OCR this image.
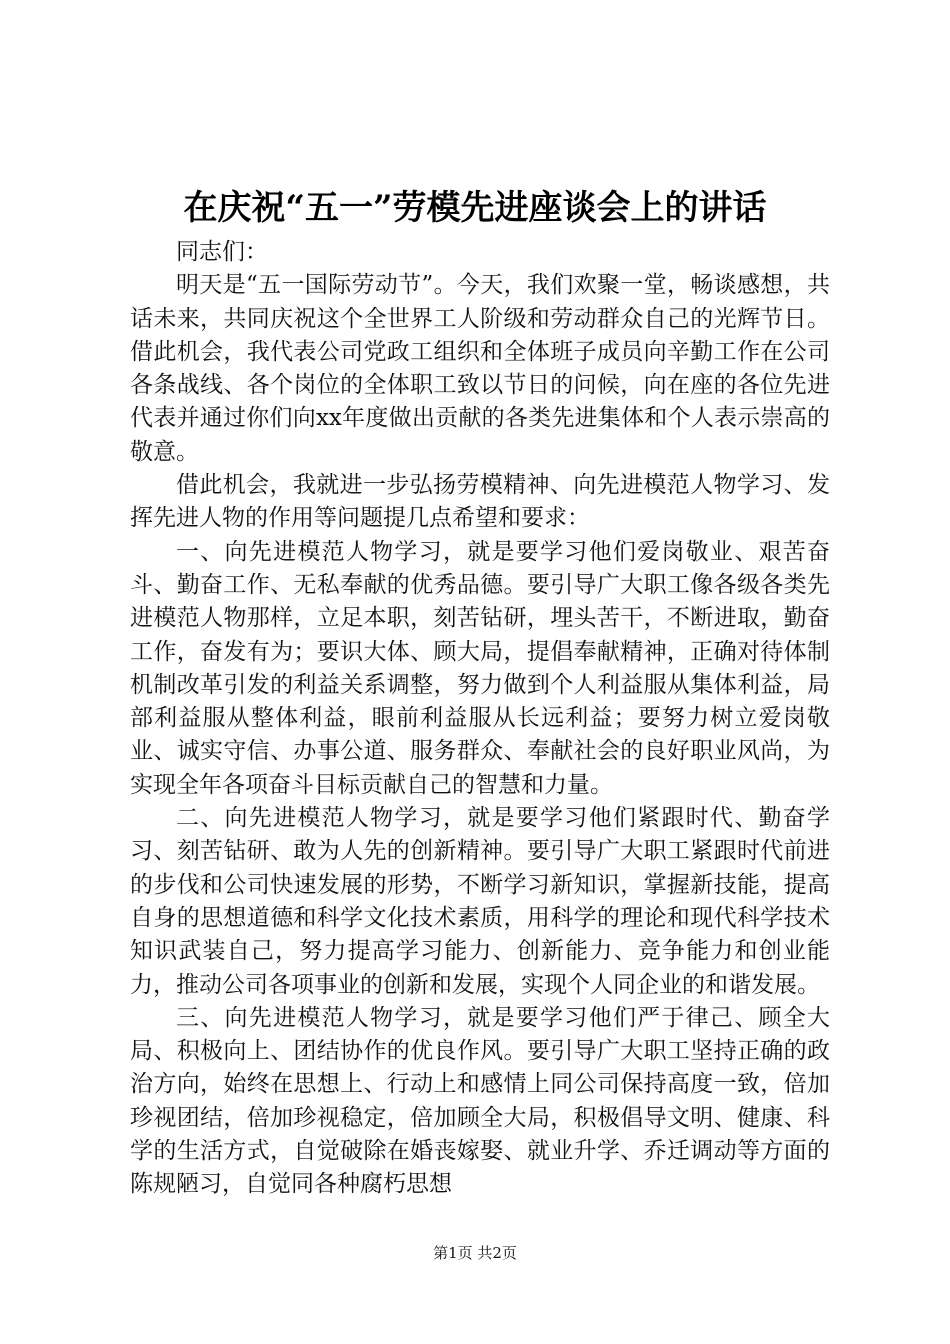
在庆祝“五一”劳模先进座谈会上的讲话

同志们：

明天是“五一国际劳动节”。今天，我们欢聚一堂，畅谈感想，共话未来，共同庆祝这个全世界工人阶级和劳动群众自己的光辉节日。借此机会，我代表公司党政工组织和全体班子成员向辛勤工作在公司各条战线、各个岗位的全体职工致以节日的问候，向在座的各位先进代表并通过你们向xx年度做出贡献的各类先进集体和个人表示崇高的敬意。

借此机会，我就进一步弘扬劳模精神、向先进模范人物学习、发挥先进人物的作用等问题提几点希望和要求：

一、向先进模范人物学习，就是要学习他们爱岗敬业、艰苦奋斗、勤奋工作、无私奉献的优秀品德。要引导广大职工像各级各类先进模范人物那样，立足本职，刻苦钻研，埋头苦干，不断进取，勤奋工作，奋发有为；要识大体、顾大局，提倡奉献精神，正确对待体制机制改革引发的利益关系调整，努力做到个人利益服从集体利益，局部利益服从整体利益，眼前利益服从长远利益；要努力树立爱岗敬业、诚实守信、办事公道、服务群众、奉献社会的良好职业风尚，为实现全年各项奋斗目标贡献自己的智慧和力量。

二、向先进模范人物学习，就是要学习他们紧跟时代、勤奋学习、刻苦钻研、敢为人先的创新精神。要引导广大职工紧跟时代前进的步伐和公司快速发展的形势，不断学习新知识，掌握新技能，提高自身的思想道德和科学文化技术素质，用科学的理论和现代科学技术知识武装自己，努力提高学习能力、创新能力、竞争能力和创业能力，推动公司各项事业的创新和发展，实现个人同企业的和谐发展。

三、向先进模范人物学习，就是要学习他们严于律己、顾全大局、积极向上、团结协作的优良作风。要引导广大职工坚持正确的政治方向，始终在思想上、行动上和感情上同公司保持高度一致，倍加珍视团结，倍加珍视稳定，倍加顾全大局，积极倡导文明、健康、科学的生活方式，自觉破除在婚丧嫁娶、就业升学、乔迁调动等方面的陈规陋习，自觉同各种腐朽思想

第1页 共2页
